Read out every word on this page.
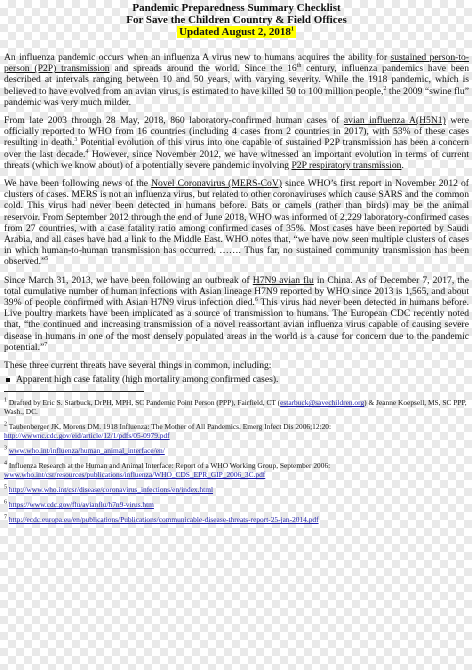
Pandemic Preparedness Summary Checklist
For Save the Children Country & Field Offices
Updated August 2, 2018$^1$

An influenza pandemic occurs when an influenza A virus new to humans acquires the ability for sustained person-to-person (P2P) transmission and spreads around the world. Since the 16th century, influenza pandemics have been described at intervals ranging between 10 and 50 years, with varying severity. While the 1918 pandemic, which is believed to have evolved from an avian virus, is estimated to have killed 50 to 100 million people,$^2$ the 2009 “swine flu” pandemic was very much milder.

From late 2003 through 28 May, 2018, 860 laboratory-confirmed human cases of avian influenza A(H5N1) were officially reported to WHO from 16 countries (including 4 cases from 2 countries in 2017), with 53% of these cases resulting in death.$^3$ Potential evolution of this virus into one capable of sustained P2P transmission has been a concern over the last decade.$^4$ However, since November 2012, we have witnessed an important evolution in terms of current threats (which we know about) of a potentially severe pandemic involving P2P respiratory transmission.

We have been following news of the Novel Coronavirus (MERS-CoV) since WHO’s first report in November 2012 of clusters of cases. MERS is not an influenza virus, but related to other coronaviruses which cause SARS and the common cold. This virus had never been detected in humans before. Bats or camels (rather than birds) may be the animal reservoir. From September 2012 through the end of June 2018, WHO was informed of 2,229 laboratory-confirmed cases from 27 countries, with a case fatality ratio among confirmed cases of 35%. Most cases have been reported by Saudi Arabia, and all cases have had a link to the Middle East. WHO notes that, “we have now seen multiple clusters of cases in which human-to-human transmission has occurred. ……. Thus far, no sustained community transmission has been observed.”$^5$

Since March 31, 2013, we have been following an outbreak of H7N9 avian flu in China. As of December 7, 2017, the total cumulative number of human infections with Asian lineage H7N9 reported by WHO since 2013 is 1,565, and about 39% of people confirmed with Asian H7N9 virus infection died.$^6$ This virus had never been detected in humans before. Live poultry markets have been implicated as a source of transmission to humans. The European CDC recently noted that, “the continued and increasing transmission of a novel reassortant avian influenza virus capable of causing severe disease in humans in one of the most densely populated areas in the world is a cause for concern due to the pandemic potential.”$^7$

These three current threats have several things in common, including:

Apparent high case fatality (high mortality among confirmed cases).

$^1$ Drafted by Eric S. Starbuck, DrPH, MPH, SC Pandemic Point Person (PPP), Fairfield, CT (estarbuck@savechildren.org) & Jeanne Koepsell, MS, SC PPP, Wash., DC.

$^2$ Taubenberger JK, Morens DM. 1918 Influenza: The Mother of All Pandemics. Emerg Infect Dis 2006;12:20: http://wwwnc.cdc.gov/eid/article/12/1/pdfs/05-0979.pdf

$^3$ www.who.int/influenza/human_animal_interface/en/

$^4$ Influenza Research at the Human and Animal Interface: Report of a WHO Working Group, September 2006: www.who.int/csr/resources/publications/influenza/WHO_CDS_EPR_GIP_2006_3C.pdf

$^5$ http://www.who.int/csr/disease/coronavirus_infections/en/index.html

$^6$ https://www.cdc.gov/flu/avianflu/h7n9-virus.htm

$^7$ http://ecdc.europa.eu/en/publications/Publications/communicable-disease-threats-report-25-jan-2014.pdf
